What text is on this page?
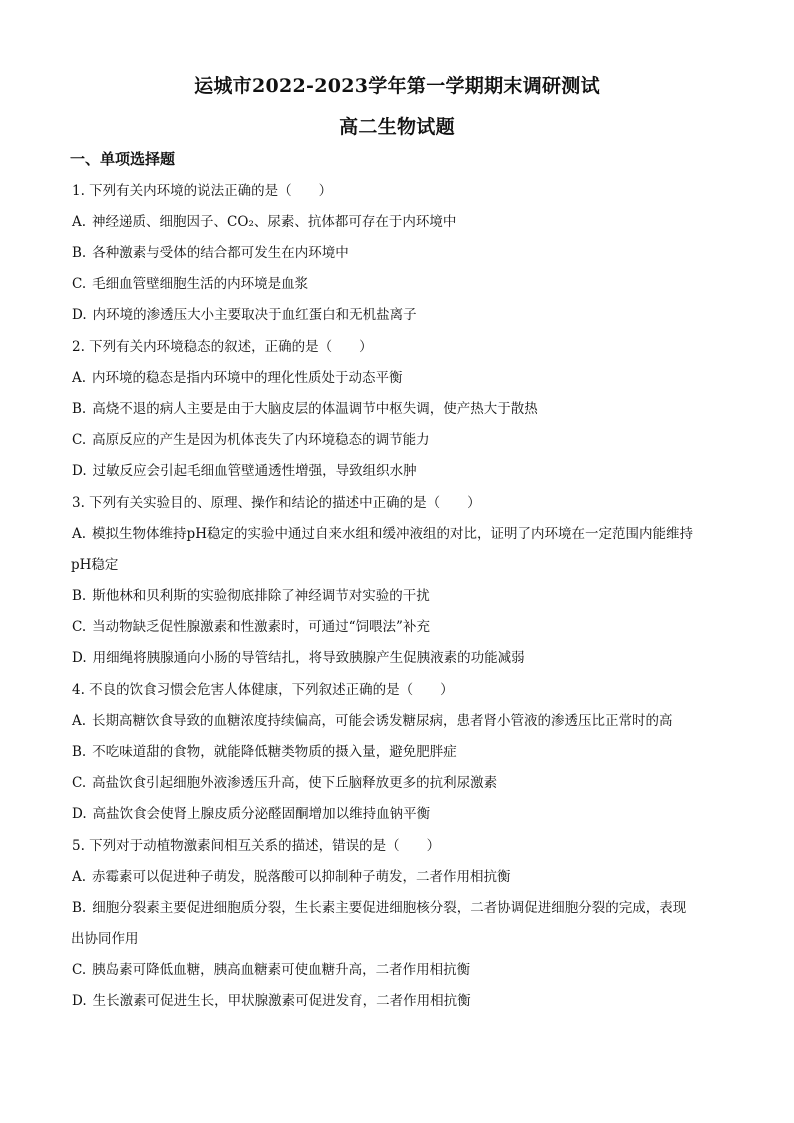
运城市2022-2023学年第一学期期末调研测试
高二生物试题
一、单项选择题
1. 下列有关内环境的说法正确的是（　　）
A. 神经递质、细胞因子、CO₂、尿素、抗体都可存在于内环境中
B. 各种激素与受体的结合都可发生在内环境中
C. 毛细血管壁细胞生活的内环境是血浆
D. 内环境的渗透压大小主要取决于血红蛋白和无机盐离子
2. 下列有关内环境稳态的叙述，正确的是（　　）
A. 内环境的稳态是指内环境中的理化性质处于动态平衡
B. 高烧不退的病人主要是由于大脑皮层的体温调节中枢失调，使产热大于散热
C. 高原反应的产生是因为机体丧失了内环境稳态的调节能力
D. 过敏反应会引起毛细血管壁通透性增强，导致组织水肿
3. 下列有关实验目的、原理、操作和结论的描述中正确的是（　　）
A. 模拟生物体维持pH稳定的实验中通过自来水组和缓冲液组的对比，证明了内环境在一定范围内能维持
pH稳定
B. 斯他林和贝利斯的实验彻底排除了神经调节对实验的干扰
C. 当动物缺乏促性腺激素和性激素时，可通过“饲喂法”补充
D. 用细绳将胰腺通向小肠的导管结扎，将导致胰腺产生促胰液素的功能减弱
4. 不良的饮食习惯会危害人体健康，下列叙述正确的是（　　）
A. 长期高糖饮食导致的血糖浓度持续偏高，可能会诱发糖尿病，患者肾小管液的渗透压比正常时的高
B. 不吃味道甜的食物，就能降低糖类物质的摄入量，避免肥胖症
C. 高盐饮食引起细胞外液渗透压升高，使下丘脑释放更多的抗利尿激素
D. 高盐饮食会使肾上腺皮质分泌醛固酮增加以维持血钠平衡
5. 下列对于动植物激素间相互关系的描述，错误的是（　　）
A. 赤霉素可以促进种子萌发，脱落酸可以抑制种子萌发，二者作用相抗衡
B. 细胞分裂素主要促进细胞质分裂，生长素主要促进细胞核分裂，二者协调促进细胞分裂的完成，表现
出协同作用
C. 胰岛素可降低血糖，胰高血糖素可使血糖升高，二者作用相抗衡
D. 生长激素可促进生长，甲状腺激素可促进发育，二者作用相抗衡
